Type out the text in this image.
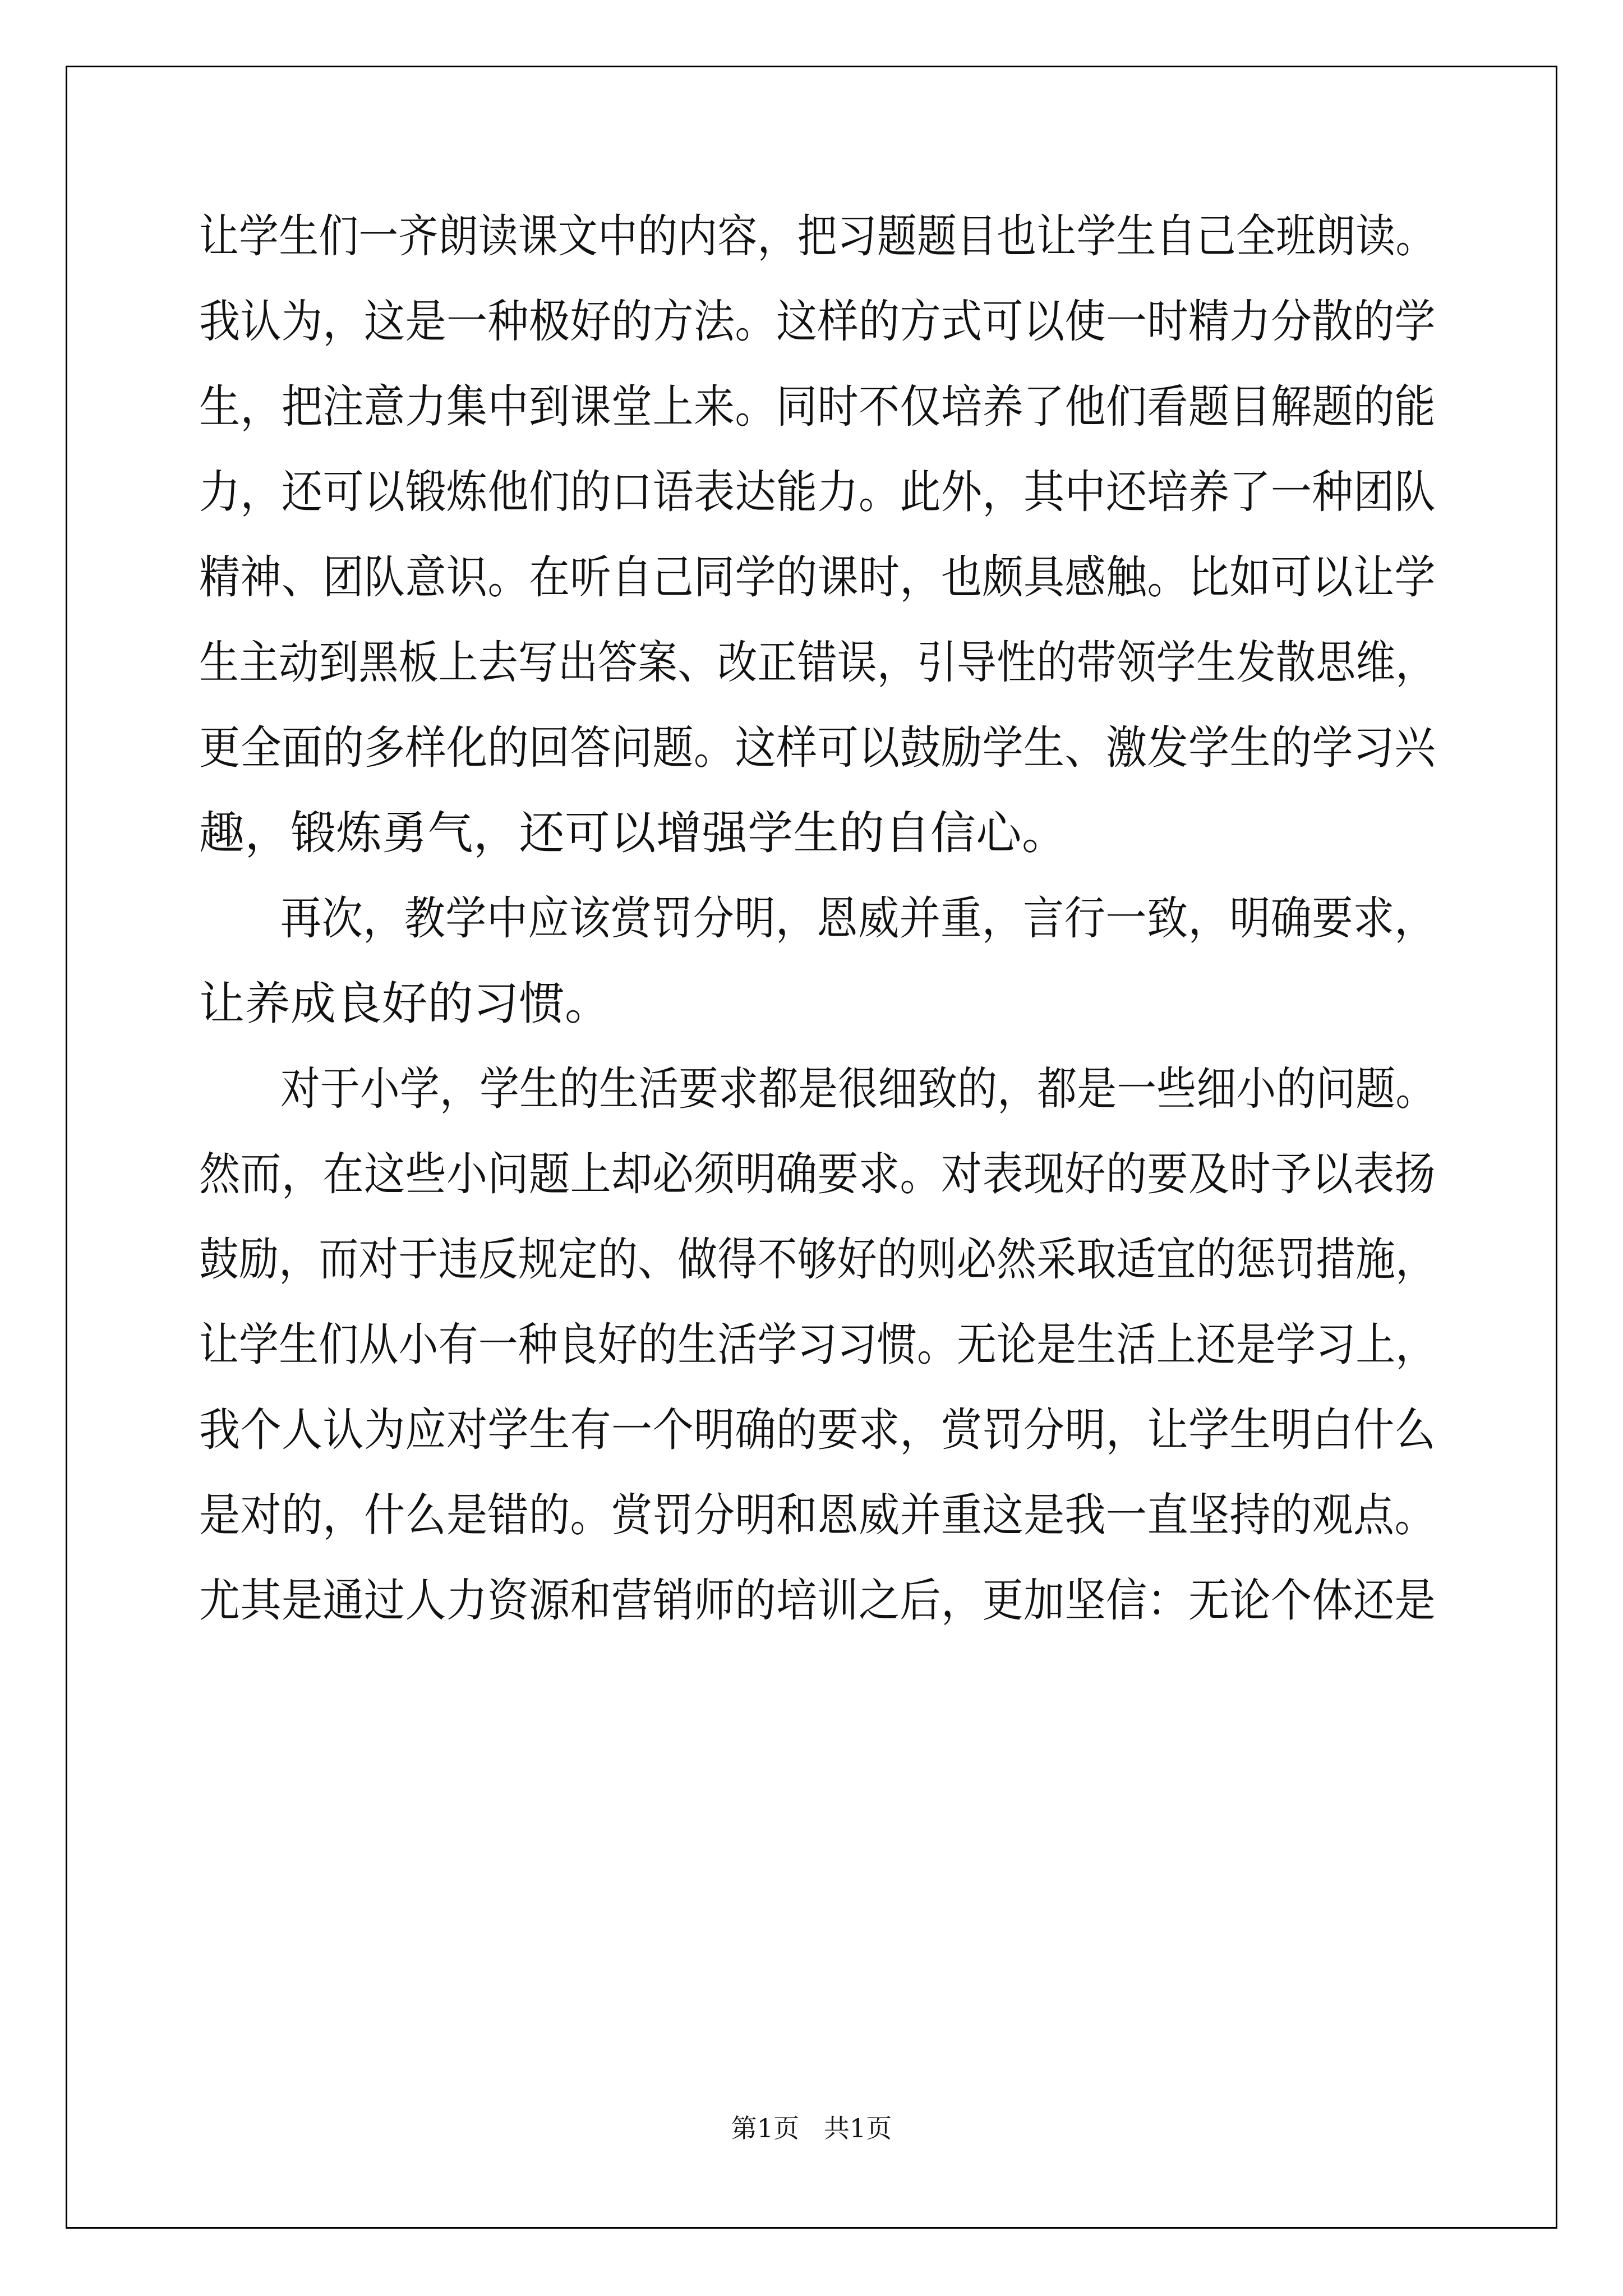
让学生们一齐朗读课文中的内容，把习题题目也让学生自己全班朗读。
我认为，这是一种极好的方法。这样的方式可以使一时精力分散的学
生，把注意力集中到课堂上来。同时不仅培养了他们看题目解题的能
力，还可以锻炼他们的口语表达能力。此外，其中还培养了一种团队
精神、团队意识。在听自己同学的课时，也颇具感触。比如可以让学
生主动到黑板上去写出答案、改正错误，引导性的带领学生发散思维，
更全面的多样化的回答问题。这样可以鼓励学生、激发学生的学习兴
趣，锻炼勇气，还可以增强学生的自信心。
再次，教学中应该赏罚分明，恩威并重，言行一致，明确要求，
让养成良好的习惯。
对于小学，学生的生活要求都是很细致的，都是一些细小的问题。
然而，在这些小问题上却必须明确要求。对表现好的要及时予以表扬
鼓励，而对于违反规定的、做得不够好的则必然采取适宜的惩罚措施，
让学生们从小有一种良好的生活学习习惯。无论是生活上还是学习上，
我个人认为应对学生有一个明确的要求，赏罚分明，让学生明白什么
是对的，什么是错的。赏罚分明和恩威并重这是我一直坚持的观点。
尤其是通过人力资源和营销师的培训之后，更加坚信：无论个体还是
第1页   共1页
